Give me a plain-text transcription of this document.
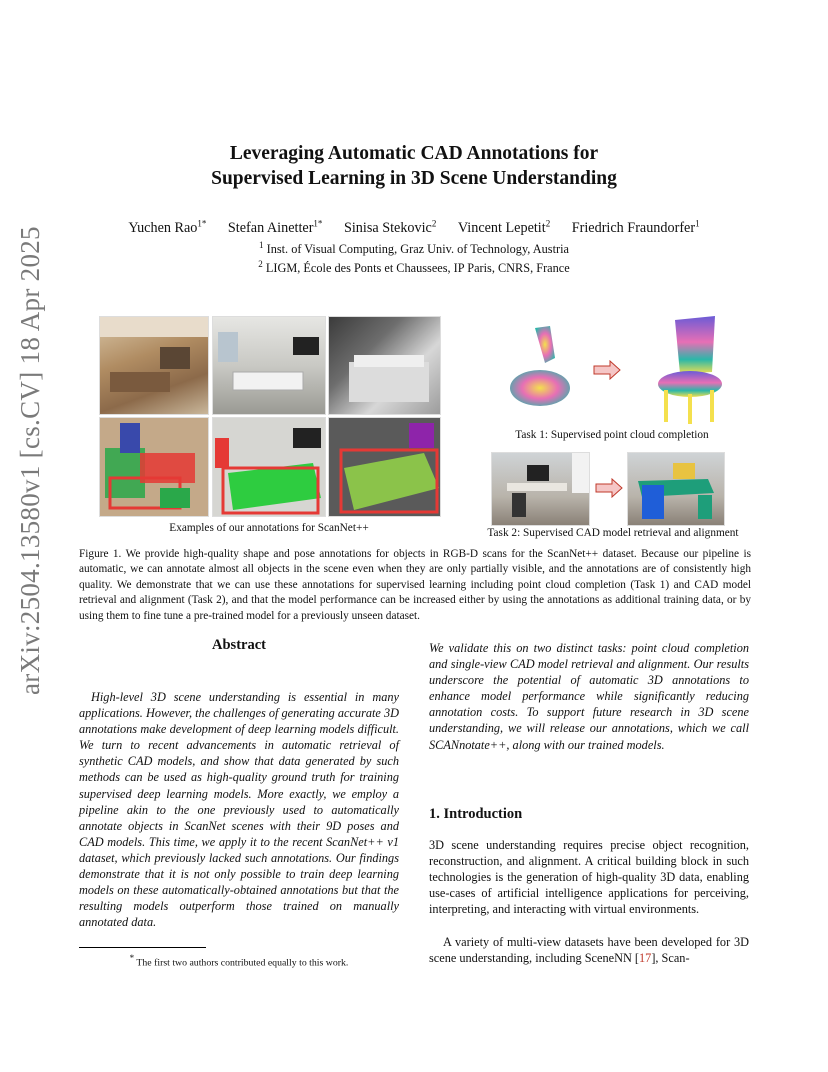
arXiv:2504.13580v1 [cs.CV] 18 Apr 2025
Leveraging Automatic CAD Annotations for
Supervised Learning in 3D Scene Understanding
Yuchen Rao$^{1*}$ Stefan Ainetter$^{1*}$ Sinisa Stekovic$^2$ Vincent Lepetit$^2$ Friedrich Fraundorfer$^1$
$^1$ Inst. of Visual Computing, Graz Univ. of Technology, Austria
$^2$ LIGM, École des Ponts et Chaussees, IP Paris, CNRS, France
Examples of our annotations for ScanNet++
Task 1: Supervised point cloud completion
Task 2: Supervised CAD model retrieval and alignment
Figure 1. We provide high-quality shape and pose annotations for objects in RGB-D scans for the ScanNet++ dataset. Because our pipeline is automatic, we can annotate almost all objects in the scene even when they are only partially visible, and the annotations are of consistently high quality. We demonstrate that we can use these annotations for supervised learning including point cloud completion (Task 1) and CAD model retrieval and alignment (Task 2), and that the model performance can be increased either by using the annotations as additional training data, or by using them to fine tune a pre-trained model for a previously unseen dataset.
Abstract
High-level 3D scene understanding is essential in many applications. However, the challenges of generating accurate 3D annotations make development of deep learning models difficult. We turn to recent advancements in automatic retrieval of synthetic CAD models, and show that data generated by such methods can be used as high-quality ground truth for training supervised deep learning models. More exactly, we employ a pipeline akin to the one previously used to automatically annotate objects in ScanNet scenes with their 9D poses and CAD models. This time, we apply it to the recent ScanNet++ v1 dataset, which previously lacked such annotations. Our findings demonstrate that it is not only possible to train deep learning models on these automatically-obtained annotations but that the resulting models outperform those trained on manually annotated data.
We validate this on two distinct tasks: point cloud completion and single-view CAD model retrieval and alignment. Our results underscore the potential of automatic 3D annotations to enhance model performance while significantly reducing annotation costs. To support future research in 3D scene understanding, we will release our annotations, which we call SCANnotate++, along with our trained models.
1. Introduction
3D scene understanding requires precise object recognition, reconstruction, and alignment. A critical building block in such technologies is the generation of high-quality 3D data, enabling use-cases of artificial intelligence applications for perceiving, interpreting, and interacting with virtual environments.
A variety of multi-view datasets have been developed for 3D scene understanding, including SceneNN [17], Scan-
* The first two authors contributed equally to this work.
